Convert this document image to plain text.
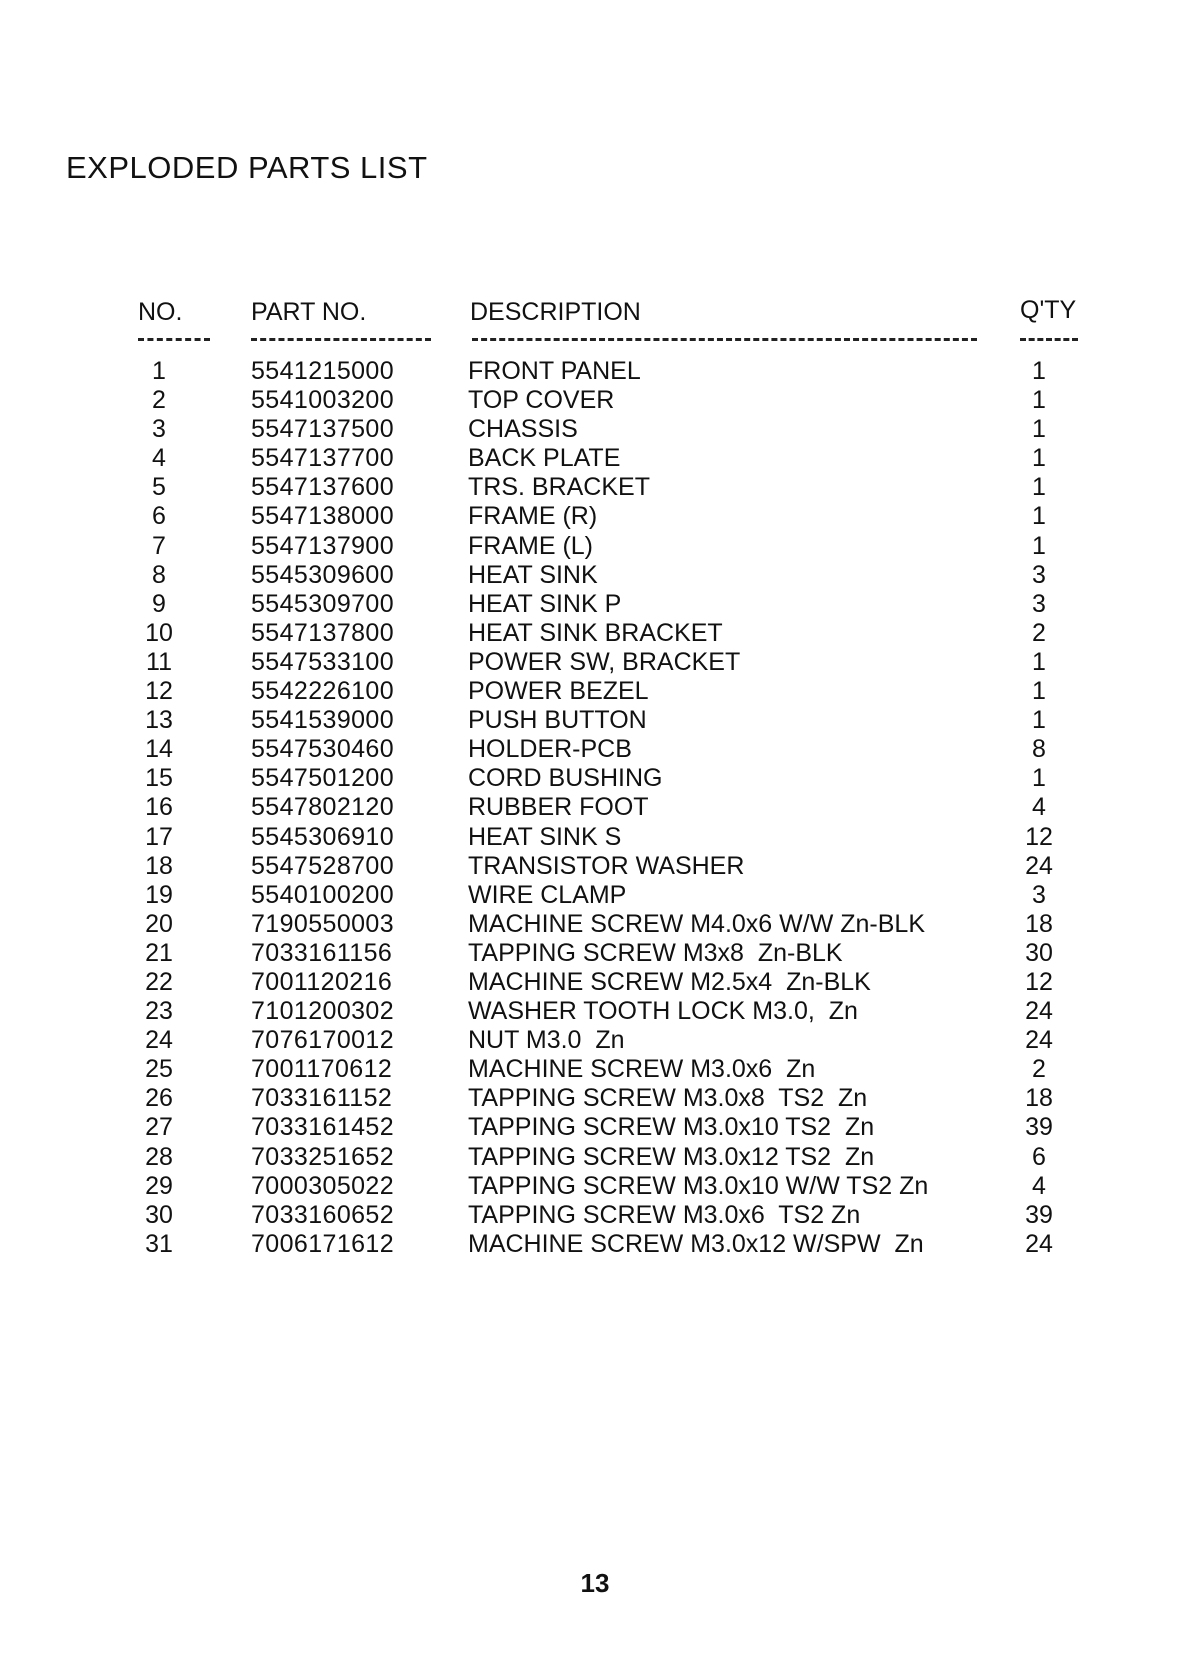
EXPLODED PARTS LIST
NO.	PART NO.	DESCRIPTION	Q'TY
1	5541215000	FRONT PANEL	1
2	5541003200	TOP COVER	1
3	5547137500	CHASSIS	1
4	5547137700	BACK PLATE	1
5	5547137600	TRS. BRACKET	1
6	5547138000	FRAME (R)	1
7	5547137900	FRAME (L)	1
8	5545309600	HEAT SINK	3
9	5545309700	HEAT SINK P	3
10	5547137800	HEAT SINK BRACKET	2
11	5547533100	POWER SW, BRACKET	1
12	5542226100	POWER BEZEL	1
13	5541539000	PUSH BUTTON	1
14	5547530460	HOLDER-PCB	8
15	5547501200	CORD BUSHING	1
16	5547802120	RUBBER FOOT	4
17	5545306910	HEAT SINK S	12
18	5547528700	TRANSISTOR WASHER	24
19	5540100200	WIRE CLAMP	3
20	7190550003	MACHINE SCREW M4.0x6 W/W Zn-BLK	18
21	7033161156	TAPPING SCREW M3x8  Zn-BLK	30
22	7001120216	MACHINE SCREW M2.5x4  Zn-BLK	12
23	7101200302	WASHER TOOTH LOCK M3.0,  Zn	24
24	7076170012	NUT M3.0  Zn	24
25	7001170612	MACHINE SCREW M3.0x6  Zn	2
26	7033161152	TAPPING SCREW M3.0x8  TS2  Zn	18
27	7033161452	TAPPING SCREW M3.0x10 TS2  Zn	39
28	7033251652	TAPPING SCREW M3.0x12 TS2  Zn	6
29	7000305022	TAPPING SCREW M3.0x10 W/W TS2 Zn	4
30	7033160652	TAPPING SCREW M3.0x6  TS2 Zn	39
31	7006171612	MACHINE SCREW M3.0x12 W/SPW  Zn	24
13
